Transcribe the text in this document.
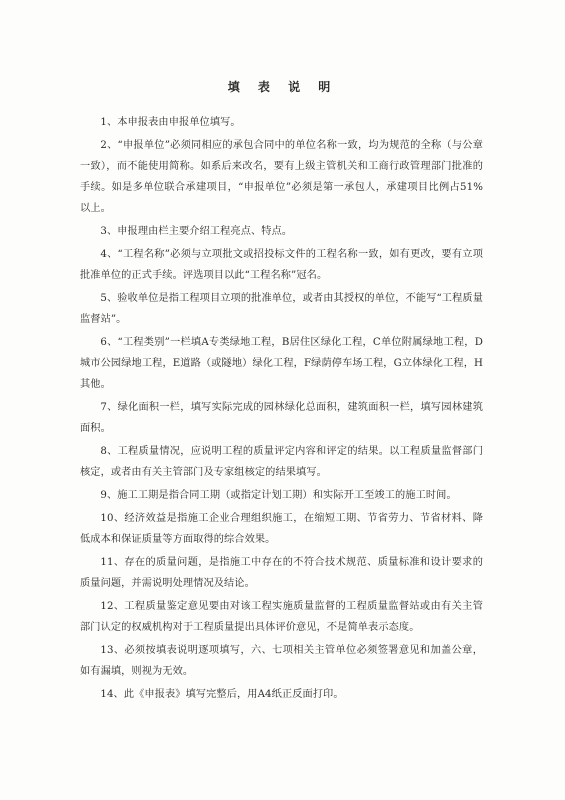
填 表 说 明

1、本申报表由申报单位填写。

2、“申报单位”必须同相应的承包合同中的单位名称一致，均为规范的全称（与公章一致），而不能使用简称。如系后来改名，要有上级主管机关和工商行政管理部门批准的手续。如是多单位联合承建项目，“申报单位”必须是第一承包人，承建项目比例占51%以上。

3、申报理由栏主要介绍工程亮点、特点。

4、“工程名称”必须与立项批文或招投标文件的工程名称一致，如有更改，要有立项批准单位的正式手续。评选项目以此“工程名称”冠名。

5、验收单位是指工程项目立项的批准单位，或者由其授权的单位，不能写“工程质量监督站”。

6、“工程类别”一栏填A专类绿地工程，B居住区绿化工程，C单位附属绿地工程，D城市公园绿地工程，E道路（或隧地）绿化工程，F绿荫停车场工程，G立体绿化工程，H其他。

7、绿化面积一栏，填写实际完成的园林绿化总面积，建筑面积一栏，填写园林建筑面积。

8、工程质量情况，应说明工程的质量评定内容和评定的结果。以工程质量监督部门核定，或者由有关主管部门及专家组核定的结果填写。

9、施工工期是指合同工期（或指定计划工期）和实际开工至竣工的施工时间。

10、经济效益是指施工企业合理组织施工，在缩短工期、节省劳力、节省材料、降低成本和保证质量等方面取得的综合效果。

11、存在的质量问题，是指施工中存在的不符合技术规范、质量标准和设计要求的质量问题，并需说明处理情况及结论。

12、工程质量鉴定意见要由对该工程实施质量监督的工程质量监督站或由有关主管部门认定的权威机构对于工程质量提出具体评价意见，不是简单表示态度。

13、必须按填表说明逐项填写，六、七项相关主管单位必须签署意见和加盖公章，如有漏填，则视为无效。

14、此《申报表》填写完整后，用A4纸正反面打印。
